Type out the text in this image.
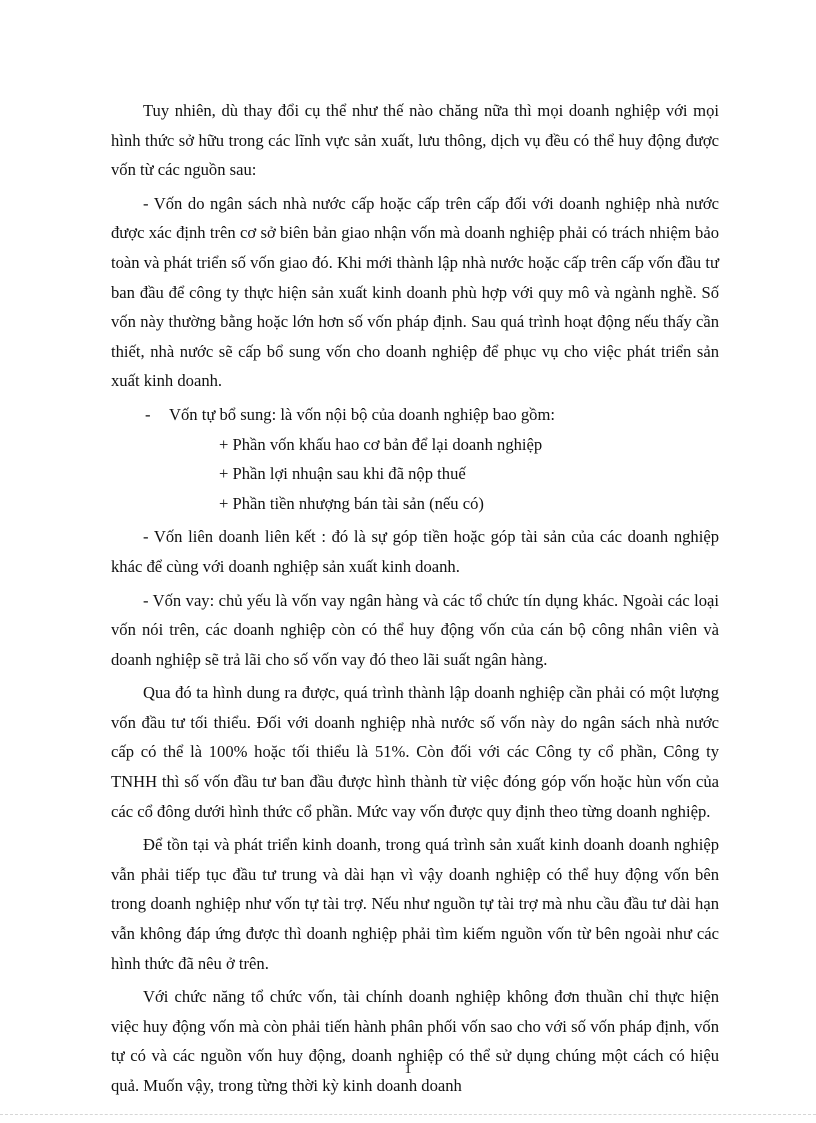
Tuy nhiên, dù thay đổi cụ thể như thế nào chăng nữa thì mọi doanh nghiệp với mọi hình thức sở hữu trong các lĩnh vực sản xuất, lưu thông, dịch vụ đều có thể huy động được vốn từ các nguồn sau:

- Vốn do ngân sách nhà nước cấp hoặc cấp trên cấp đối với doanh nghiệp nhà nước được xác định trên cơ sở biên bản giao nhận vốn mà doanh nghiệp phải có trách nhiệm bảo toàn và phát triển số vốn giao đó. Khi mới thành lập nhà nước hoặc cấp trên cấp vốn đầu tư ban đầu để công ty thực hiện sản xuất kinh doanh phù hợp với quy mô và ngành nghề. Số vốn này thường bằng hoặc lớn hơn số vốn pháp định. Sau quá trình hoạt động nếu thấy cần thiết, nhà nước sẽ cấp bổ sung vốn cho doanh nghiệp để phục vụ cho việc phát triển sản xuất kinh doanh.

- Vốn tự bổ sung: là vốn nội bộ của doanh nghiệp bao gồm:
+ Phần vốn khấu hao cơ bản để lại doanh nghiệp
+ Phần lợi nhuận sau khi đã nộp thuế
+ Phần tiền nhượng bán tài sản (nếu có)

- Vốn liên doanh liên kết : đó là sự góp tiền hoặc góp tài sản của các doanh nghiệp khác để cùng với doanh nghiệp sản xuất kinh doanh.

- Vốn vay: chủ yếu là vốn vay ngân hàng và các tổ chức tín dụng khác. Ngoài các loại vốn nói trên, các doanh nghiệp còn có thể huy động vốn của cán bộ công nhân viên và doanh nghiệp sẽ trả lãi cho số vốn vay đó theo lãi suất ngân hàng.

Qua đó ta hình dung ra được, quá trình thành lập doanh nghiệp cần phải có một lượng vốn đầu tư tối thiểu. Đối với doanh nghiệp nhà nước số vốn này do ngân sách nhà nước cấp có thể là 100% hoặc tối thiểu là 51%. Còn đối với các Công ty cổ phần, Công ty TNHH thì số vốn đầu tư ban đầu được hình thành từ việc đóng góp vốn hoặc hùn vốn của các cổ đông dưới hình thức cổ phần. Mức vay vốn được quy định theo từng doanh nghiệp.

Để tồn tại và phát triển kinh doanh, trong quá trình sản xuất kinh doanh doanh nghiệp vẫn phải tiếp tục đầu tư trung và dài hạn vì vậy doanh nghiệp có thể huy động vốn bên trong doanh nghiệp như vốn tự tài trợ. Nếu như nguồn tự tài trợ mà nhu cầu đầu tư dài hạn vẫn không đáp ứng được thì doanh nghiệp phải tìm kiếm nguồn vốn từ bên ngoài như các hình thức đã nêu ở trên.

Với chức năng tổ chức vốn, tài chính doanh nghiệp không đơn thuần chỉ thực hiện việc huy động vốn mà còn phải tiến hành phân phối vốn sao cho với số vốn pháp định, vốn tự có và các nguồn vốn huy động, doanh nghiệp có thể sử dụng chúng một cách có hiệu quả. Muốn vậy, trong từng thời kỳ kinh doanh doanh

1
